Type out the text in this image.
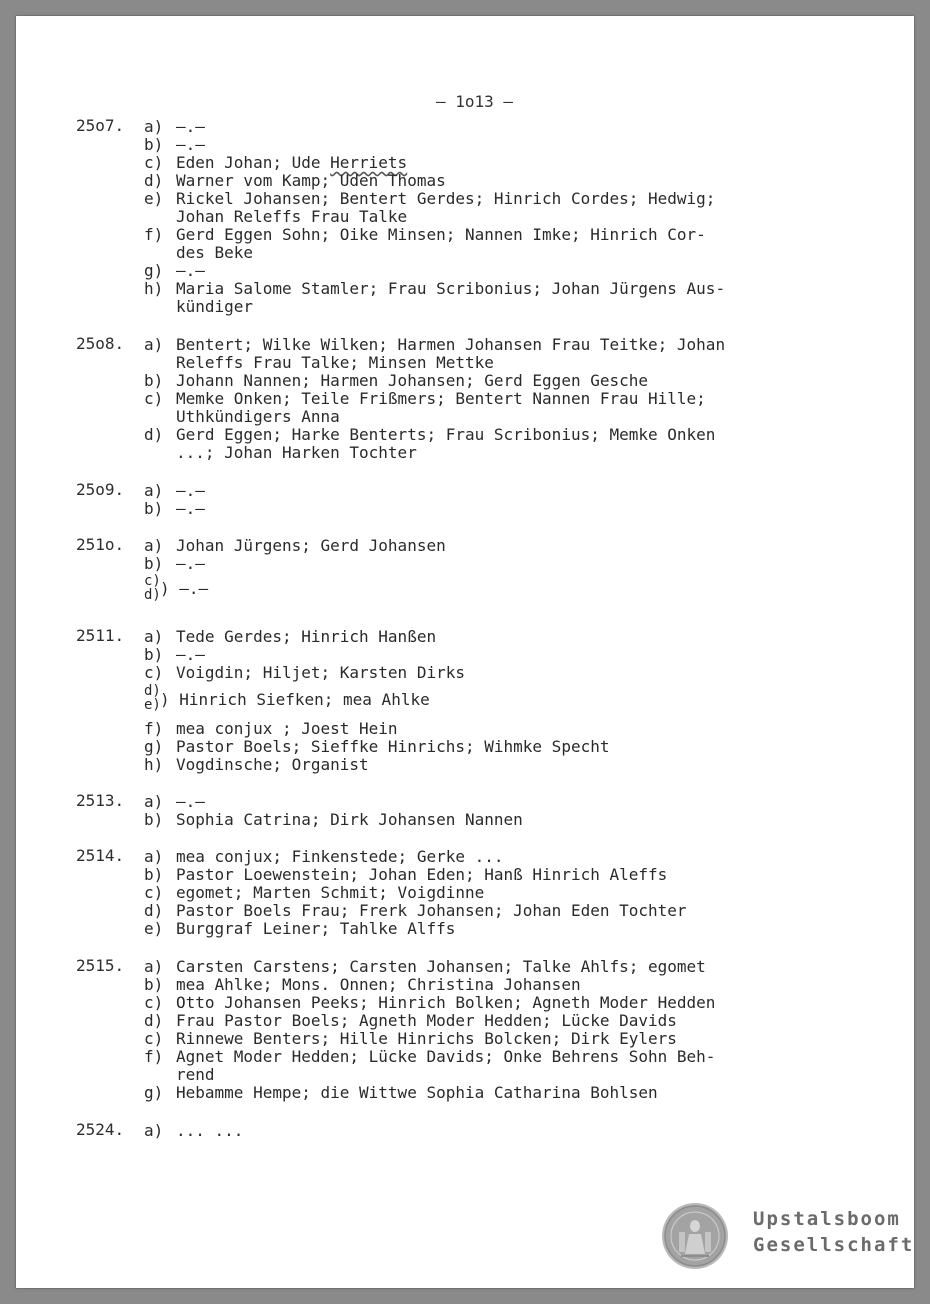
– 1o13 –
25o7. a) –.–
b) –.–
c) Eden Johan; Ude Herriets
d) Warner vom Kamp; Uden Thomas
e) Rickel Johansen; Bentert Gerdes; Hinrich Cordes; Hedwig;
Johan Releffs Frau Talke
f) Gerd Eggen Sohn; Oike Minsen; Nannen Imke; Hinrich Cor-
des Beke
g) –.–
h) Maria Salome Stamler; Frau Scribonius; Johan Jürgens Aus-
kündiger
25o8. a) Bentert; Wilke Wilken; Harmen Johansen Frau Teitke; Johan
Releffs Frau Talke; Minsen Mettke
b) Johann Nannen; Harmen Johansen; Gerd Eggen Gesche
c) Memke Onken; Teile Frißmers; Bentert Nannen Frau Hille;
Uthkündigers Anna
d) Gerd Eggen; Harke Benterts; Frau Scribonius; Memke Onken
...; Johan Harken Tochter
25o9. a) –.–
b) –.–
251o. a) Johan Jürgens; Gerd Johansen
b) –.–
c)
d) ) –.–
2511. a) Tede Gerdes; Hinrich Hanßen
b) –.–
c) Voigdin; Hiljet; Karsten Dirks
d)
e) ) Hinrich Siefken; mea Ahlke
f) mea conjux ; Joest Hein
g) Pastor Boels; Sieffke Hinrichs; Wihmke Specht
h) Vogdinsche; Organist
2513. a) –.–
b) Sophia Catrina; Dirk Johansen Nannen
2514. a) mea conjux; Finkenstede; Gerke ...
b) Pastor Loewenstein; Johan Eden; Hanß Hinrich Aleffs
c) egomet; Marten Schmit; Voigdinne
d) Pastor Boels Frau; Frerk Johansen; Johan Eden Tochter
e) Burggraf Leiner; Tahlke Alffs
2515. a) Carsten Carstens; Carsten Johansen; Talke Ahlfs; egomet
b) mea Ahlke; Mons. Onnen; Christina Johansen
c) Otto Johansen Peeks; Hinrich Bolken; Agneth Moder Hedden
d) Frau Pastor Boels; Agneth Moder Hedden; Lücke Davids
c) Rinnewe Benters; Hille Hinrichs Bolcken; Dirk Eylers
f) Agnet Moder Hedden; Lücke Davids; Onke Behrens Sohn Beh-
rend
g) Hebamme Hempe; die Wittwe Sophia Catharina Bohlsen
2524. a) ... ...
Upstalsboom
Gesellschaft
